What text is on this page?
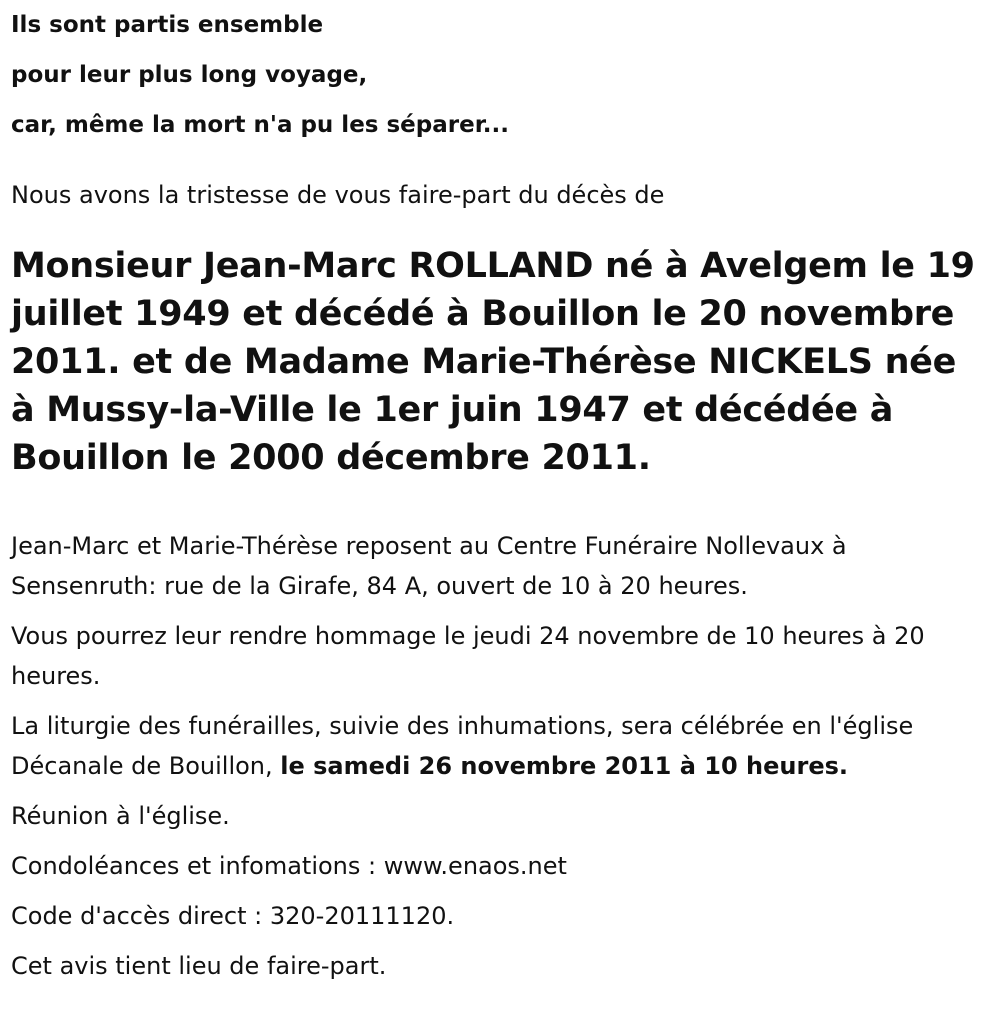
Ils sont partis ensemble
pour leur plus long voyage,
car, même la mort n'a pu les séparer...
Nous avons la tristesse de vous faire-part du décès de
Monsieur Jean-Marc ROLLAND né à Avelgem le 19 juillet 1949 et décédé à Bouillon le 20 novembre 2011. et de Madame Marie-Thérèse NICKELS née à Mussy-la-Ville le 1er juin 1947 et décédée à Bouillon le 2000 décembre 2011.
Jean-Marc et Marie-Thérèse reposent au Centre Funéraire Nollevaux à Sensenruth: rue de la Girafe, 84 A, ouvert de 10 à 20 heures.
Vous pourrez leur rendre hommage le jeudi 24 novembre de 10 heures à 20 heures.
La liturgie des funérailles, suivie des inhumations, sera célébrée en l'église Décanale de Bouillon, le samedi 26 novembre 2011 à 10 heures.
Réunion à l'église.
Condoléances et infomations : www.enaos.net
Code d'accès direct : 320-20111120.
Cet avis tient lieu de faire-part.
